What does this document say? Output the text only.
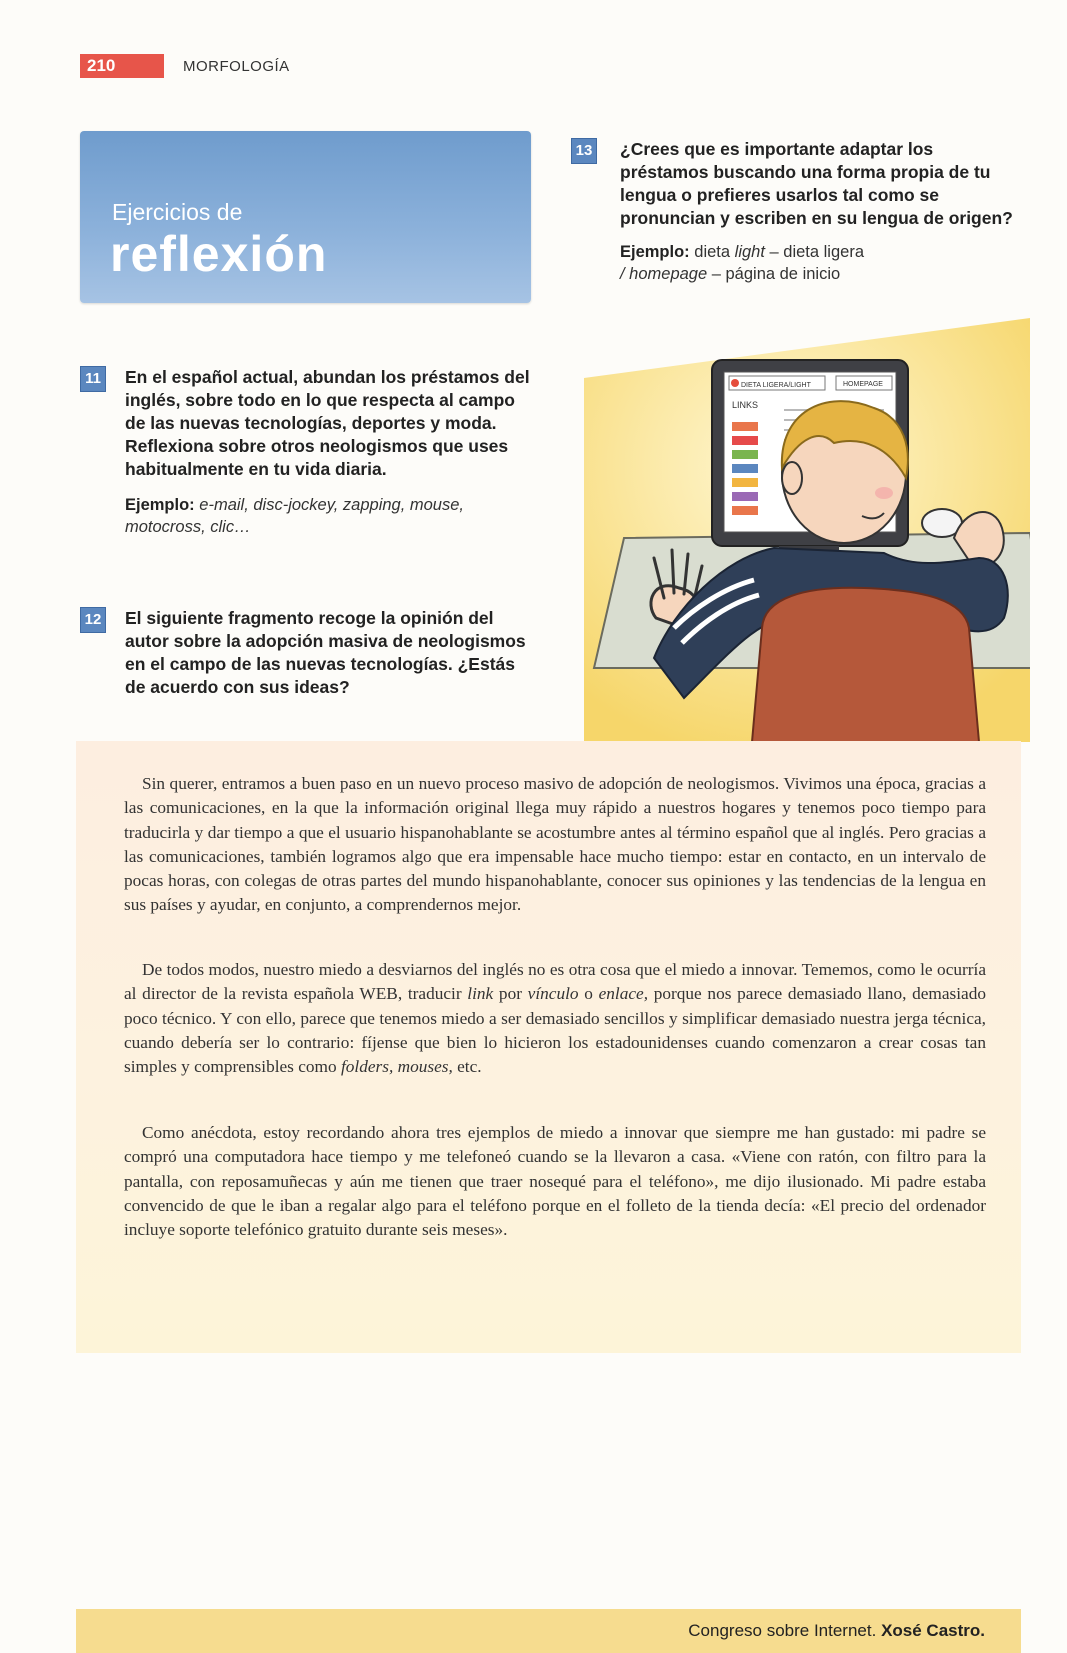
210	MORFOLOGÍA
Ejercicios de
reflexión
11 En el español actual, abundan los préstamos del inglés, sobre todo en lo que respecta al campo de las nuevas tecnologías, deportes y moda. Reflexiona sobre otros neologismos que uses habitualmente en tu vida diaria.
Ejemplo: e-mail, disc-jockey, zapping, mouse, motocross, clic…
12 El siguiente fragmento recoge la opinión del autor sobre la adopción masiva de neologismos en el campo de las nuevas tecnologías. ¿Estás de acuerdo con sus ideas?
13 ¿Crees que es importante adaptar los préstamos buscando una forma propia de tu lengua o prefieres usarlos tal como se pronuncian y escriben en su lengua de origen?
Ejemplo: dieta light – dieta ligera
/ homepage – página de inicio
DIETA LIGERA/LIGHT	HOMEPAGE
LINKS

Sin querer, entramos a buen paso en un nuevo proceso masivo de adopción de neologismos. Vivimos una época, gracias a las comunicaciones, en la que la información original llega muy rápido a nuestros hogares y tenemos poco tiempo para traducirla y dar tiempo a que el usuario hispanohablante se acostumbre antes al término español que al inglés. Pero gracias a las comunicaciones, también logramos algo que era impensable hace mucho tiempo: estar en contacto, en un intervalo de pocas horas, con colegas de otras partes del mundo hispanohablante, conocer sus opiniones y las tendencias de la lengua en sus países y ayudar, en conjunto, a comprendernos mejor.

De todos modos, nuestro miedo a desviarnos del inglés no es otra cosa que el miedo a innovar. Tememos, como le ocurría al director de la revista española WEB, traducir link por vínculo o enlace, porque nos parece demasiado llano, demasiado poco técnico. Y con ello, parece que tenemos miedo a ser demasiado sencillos y simplificar demasiado nuestra jerga técnica, cuando debería ser lo contrario: fíjense que bien lo hicieron los estadounidenses cuando comenzaron a crear cosas tan simples y comprensibles como folders, mouses, etc.

Como anécdota, estoy recordando ahora tres ejemplos de miedo a innovar que siempre me han gustado: mi padre se compró una computadora hace tiempo y me telefoneó cuando se la llevaron a casa. «Viene con ratón, con filtro para la pantalla, con reposamuñecas y aún me tienen que traer nosequé para el teléfono», me dijo ilusionado. Mi padre estaba convencido de que le iban a regalar algo para el teléfono porque en el folleto de la tienda decía: «El precio del ordenador incluye soporte telefónico gratuito durante seis meses».

Congreso sobre Internet. Xosé Castro.
